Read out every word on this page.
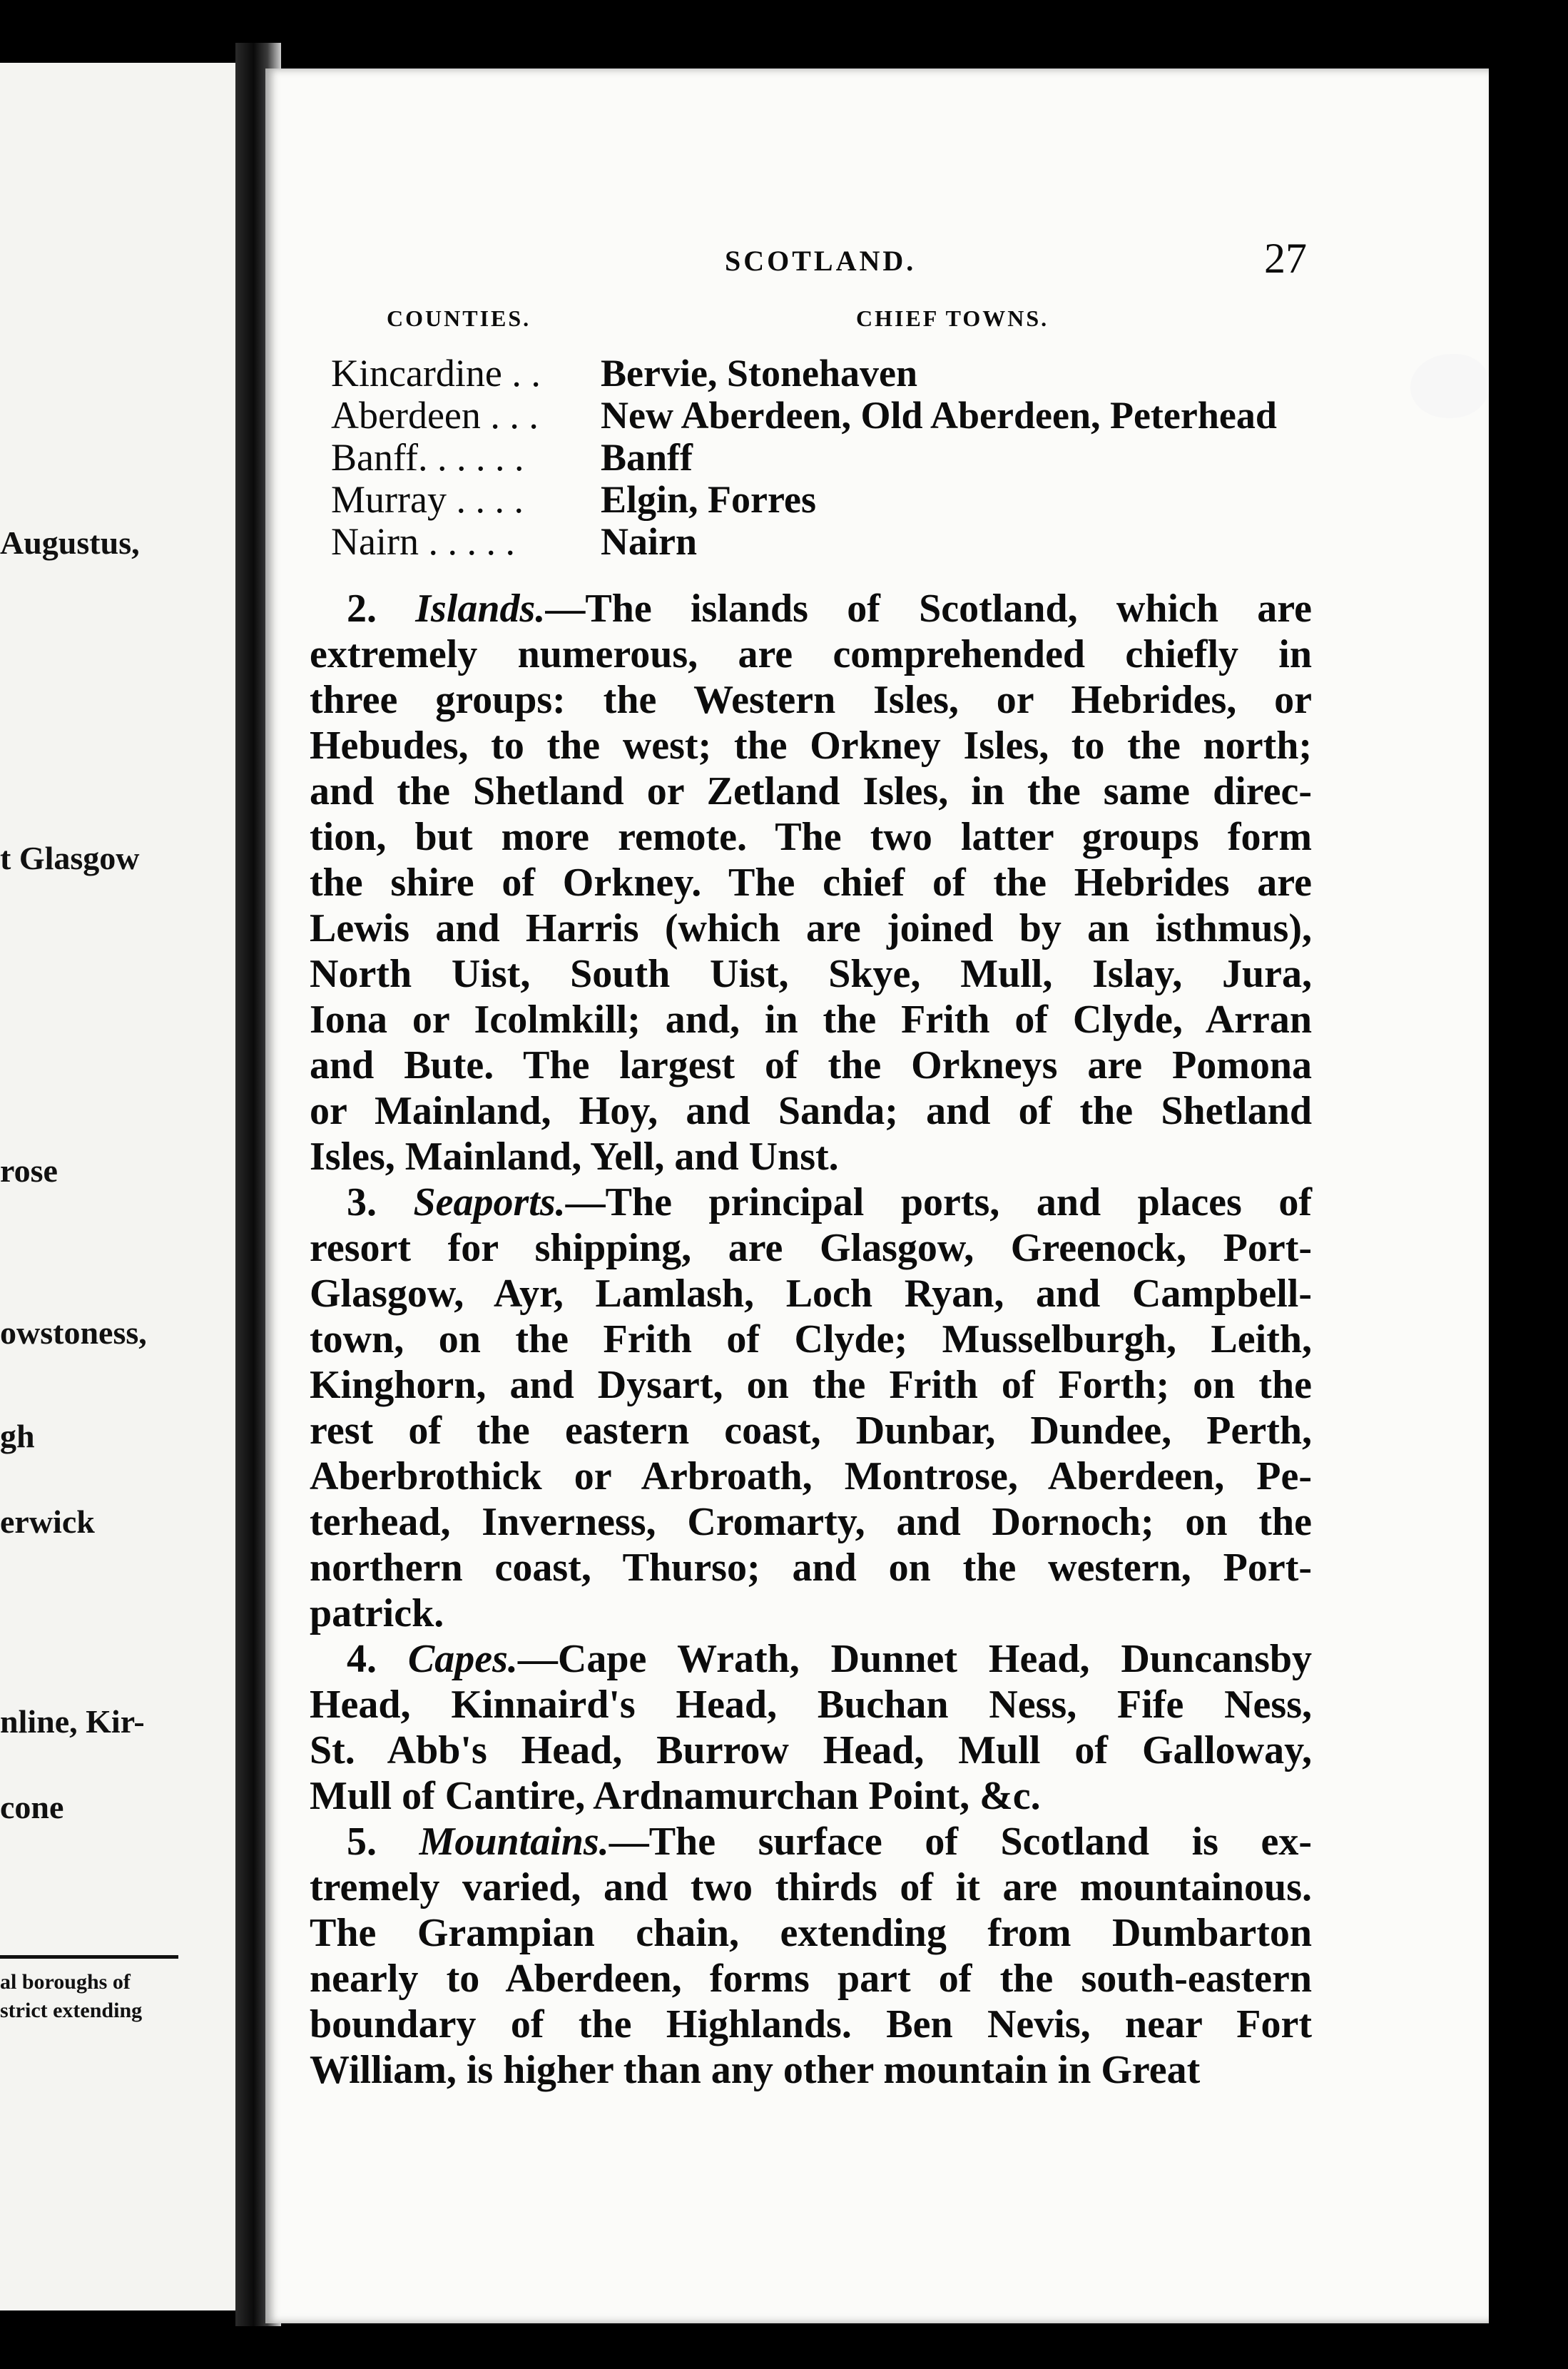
Augustus,
t Glasgow
rose
owstoness,
gh
erwick
nline, Kir-
cone
al boroughs of
strict extending
SCOTLAND.	27
COUNTIES.	CHIEF TOWNS.
Kincardine . . Bervie, Stonehaven
Aberdeen . . . New Aberdeen, Old Aberdeen, Peterhead
Banff. . . . . . Banff
Murray . . . . Elgin, Forres
Nairn . . . . . Nairn
2. Islands.—The islands of Scotland, which are
extremely numerous, are comprehended chiefly in
three groups: the Western Isles, or Hebrides, or
Hebudes, to the west; the Orkney Isles, to the north;
and the Shetland or Zetland Isles, in the same direc-
tion, but more remote. The two latter groups form
the shire of Orkney. The chief of the Hebrides are
Lewis and Harris (which are joined by an isthmus),
North Uist, South Uist, Skye, Mull, Islay, Jura,
Iona or Icolmkill; and, in the Frith of Clyde, Arran
and Bute. The largest of the Orkneys are Pomona
or Mainland, Hoy, and Sanda; and of the Shetland
Isles, Mainland, Yell, and Unst.
3. Seaports.—The principal ports, and places of
resort for shipping, are Glasgow, Greenock, Port-
Glasgow, Ayr, Lamlash, Loch Ryan, and Campbell-
town, on the Frith of Clyde; Musselburgh, Leith,
Kinghorn, and Dysart, on the Frith of Forth; on the
rest of the eastern coast, Dunbar, Dundee, Perth,
Aberbrothick or Arbroath, Montrose, Aberdeen, Pe-
terhead, Inverness, Cromarty, and Dornoch; on the
northern coast, Thurso; and on the western, Port-
patrick.
4. Capes.—Cape Wrath, Dunnet Head, Duncansby
Head, Kinnaird's Head, Buchan Ness, Fife Ness,
St. Abb's Head, Burrow Head, Mull of Galloway,
Mull of Cantire, Ardnamurchan Point, &c.
5. Mountains.—The surface of Scotland is ex-
tremely varied, and two thirds of it are mountainous.
The Grampian chain, extending from Dumbarton
nearly to Aberdeen, forms part of the south-eastern
boundary of the Highlands. Ben Nevis, near Fort
William, is higher than any other mountain in Great
